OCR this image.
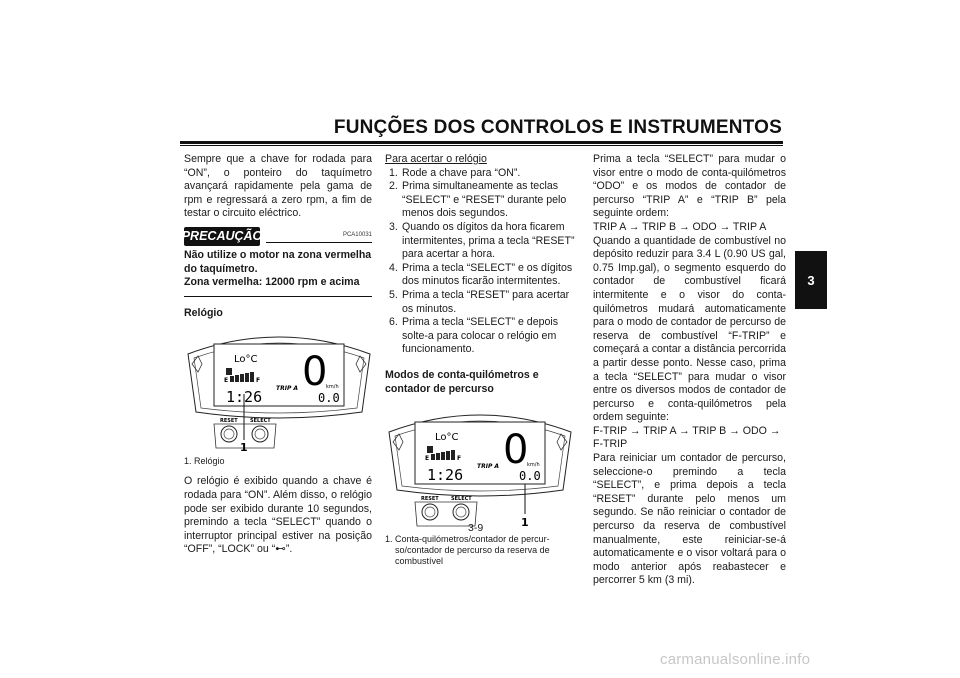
FUNÇÕES DOS CONTROLOS E INSTRUMENTOS
3

Sempre que a chave for rodada para “ON”, o ponteiro do taquímetro avançará rapidamente pela gama de rpm e regressará a zero rpm, a fim de testar o circuito eléctrico.

PRECAUÇÃO	PCA10031

Não utilize o motor na zona vermelha do taquímetro.

Zona vermelha: 12000 rpm e acima

Relógio

Lo°C
E	F
1:26 TRIP A 0
km/h
0.0
RESET SELECT
1

1. Relógio

O relógio é exibido quando a chave é rodada para “ON”. Além disso, o relógio pode ser exibido durante 10 segundos, premindo a tecla “SELECT” quando o interruptor principal estiver na posição “OFF”, “LOCK” ou “⊷”.

Para acertar o relógio

1. Rode a chave para “ON”.
2. Prima simultaneamente as teclas “SELECT” e “RESET” durante pelo menos dois segundos.
3. Quando os dígitos da hora ficarem intermitentes, prima a tecla “RESET” para acertar a hora.
4. Prima a tecla “SELECT” e os dígitos dos minutos ficarão intermitentes.
5. Prima a tecla “RESET” para acertar os minutos.
6. Prima a tecla “SELECT” e depois solte-a para colocar o relógio em funcionamento.

Modos de conta-quilómetros e contador de percurso

Lo°C
E	F
1:26 TRIP A 0
km/h
0.0
RESET SELECT
1

1. Conta-quilómetros/contador de percur-

so/contador de percurso da reserva de combustível

Prima a tecla “SELECT” para mudar o visor entre o modo de conta-quilómetros “ODO” e os modos de contador de percurso “TRIP A” e “TRIP B” pela seguinte ordem:

TRIP A → TRIP B → ODO → TRIP A

Quando a quantidade de combustível no depósito reduzir para 3.4 L (0.90 US gal, 0.75 Imp.gal), o segmento esquerdo do contador de combustível ficará intermitente e o visor do conta-quilómetros mudará automaticamente para o modo de contador de percurso de reserva de combustível “F-TRIP” e começará a contar a distância percorrida a partir desse ponto. Nesse caso, prima a tecla “SELECT” para mudar o visor entre os diversos modos de contador de percurso e conta-quilómetros pela ordem seguinte:

F-TRIP → TRIP A → TRIP B → ODO → F-TRIP

Para reiniciar um contador de percurso, seleccione-o premindo a tecla “SELECT”, e prima depois a tecla “RESET” durante pelo menos um segundo. Se não reiniciar o contador de percurso da reserva de combustível manualmente, este reiniciar-se-á automaticamente e o visor voltará para o modo anterior após reabastecer e percorrer 5 km (3 mi).

3-9
carmanualsonline.info
